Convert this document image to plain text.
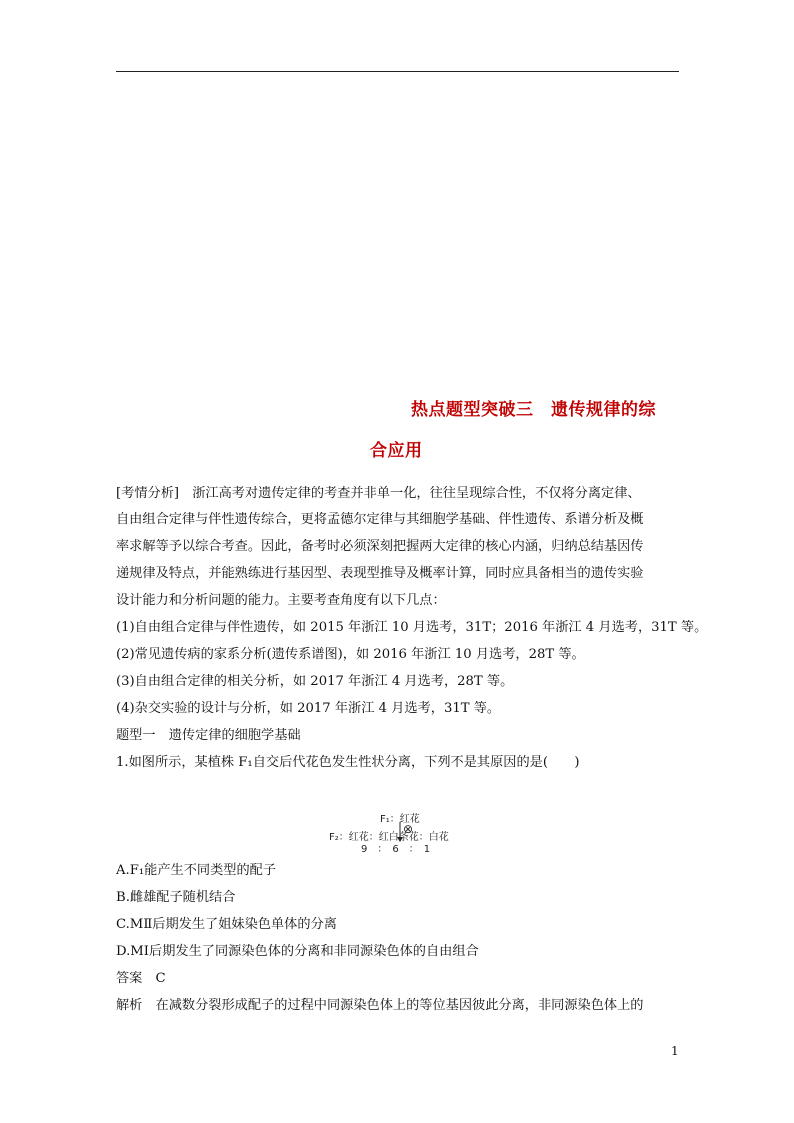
热点题型突破三　遗传规律的综
合应用
[考情分析]　浙江高考对遗传定律的考查并非单一化，往往呈现综合性，不仅将分离定律、
自由组合定律与伴性遗传综合，更将孟德尔定律与其细胞学基础、伴性遗传、系谱分析及概
率求解等予以综合考查。因此，备考时必须深刻把握两大定律的核心内涵，归纳总结基因传
递规律及特点，并能熟练进行基因型、表现型推导及概率计算，同时应具备相当的遗传实验
设计能力和分析问题的能力。主要考查角度有以下几点：
(1)自由组合定律与伴性遗传，如 2015 年浙江 10 月选考，31T；2016 年浙江 4 月选考，31T 等。
(2)常见遗传病的家系分析(遗传系谱图)，如 2016 年浙江 10 月选考，28T 等。
(3)自由组合定律的相关分析，如 2017 年浙江 4 月选考，28T 等。
(4)杂交实验的设计与分析，如 2017 年浙江 4 月选考，31T 等。
题型一　遗传定律的细胞学基础
1.如图所示，某植株 F₁自交后代花色发生性状分离，下列不是其原因的是(　　)
F₁：红花
⊗
F₂：红花：红白条花：白花
9　：　6　：　1
A.F₁能产生不同类型的配子
B.雌雄配子随机结合
C.MⅡ后期发生了姐妹染色单体的分离
D.MⅠ后期发生了同源染色体的分离和非同源染色体的自由组合
答案　C
解析　在减数分裂形成配子的过程中同源染色体上的等位基因彼此分离，非同源染色体上的
1
